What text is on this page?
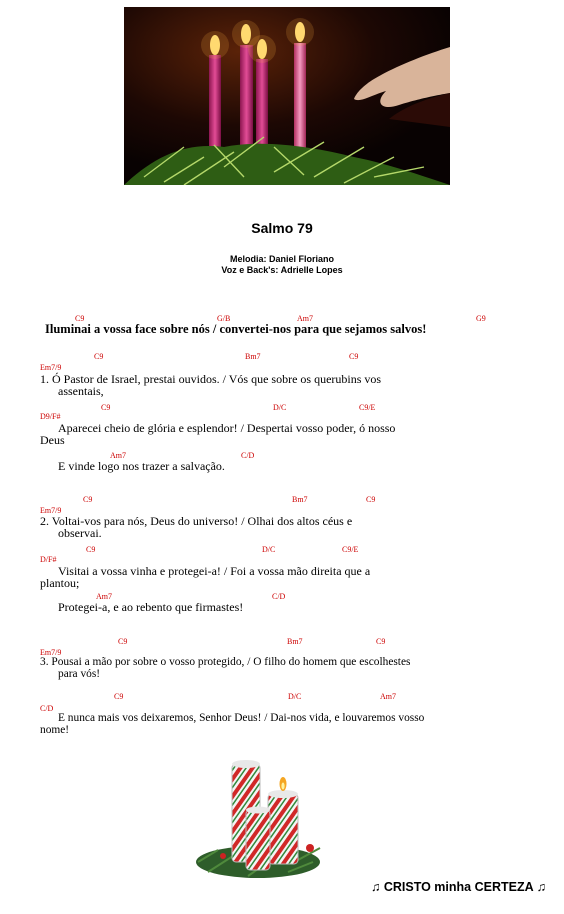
Salmo 79
Melodia: Daniel Floriano
Voz e Back's: Adrielle Lopes
C9	G/B	Am7	G9
Iluminai a vossa face sobre nós / convertei-nos para que sejamos salvos!
Em7/9
C9	Bm7	C9
1. Ó Pastor de Israel, prestai ouvidos. / Vós que sobre os querubins vos
assentais,
D9/F#
C9	D/C	C9/E
Aparecei cheio de glória e esplendor! / Despertai vosso poder, ó nosso
Deus
Am7	C/D
E vinde logo nos trazer a salvação.
Em7/9
C9	Bm7	C9
2. Voltai-vos para nós, Deus do universo! / Olhai dos altos céus e
observai.
D/F#
C9	D/C	C9/E
Visitai a vossa vinha e protegei-a! / Foi a vossa mão direita que a
plantou;
Am7	C/D
Protegei-a, e ao rebento que firmastes!
Em7/9
C9	Bm7	C9
3. Pousai a mão por sobre o vosso protegido, / O filho do homem que escolhestes
para vós!
C/D
C9	D/C	Am7
E nunca mais vos deixaremos, Senhor Deus! / Dai-nos vida, e louvaremos vosso
nome!
♫ CRISTO minha CERTEZA ♫
